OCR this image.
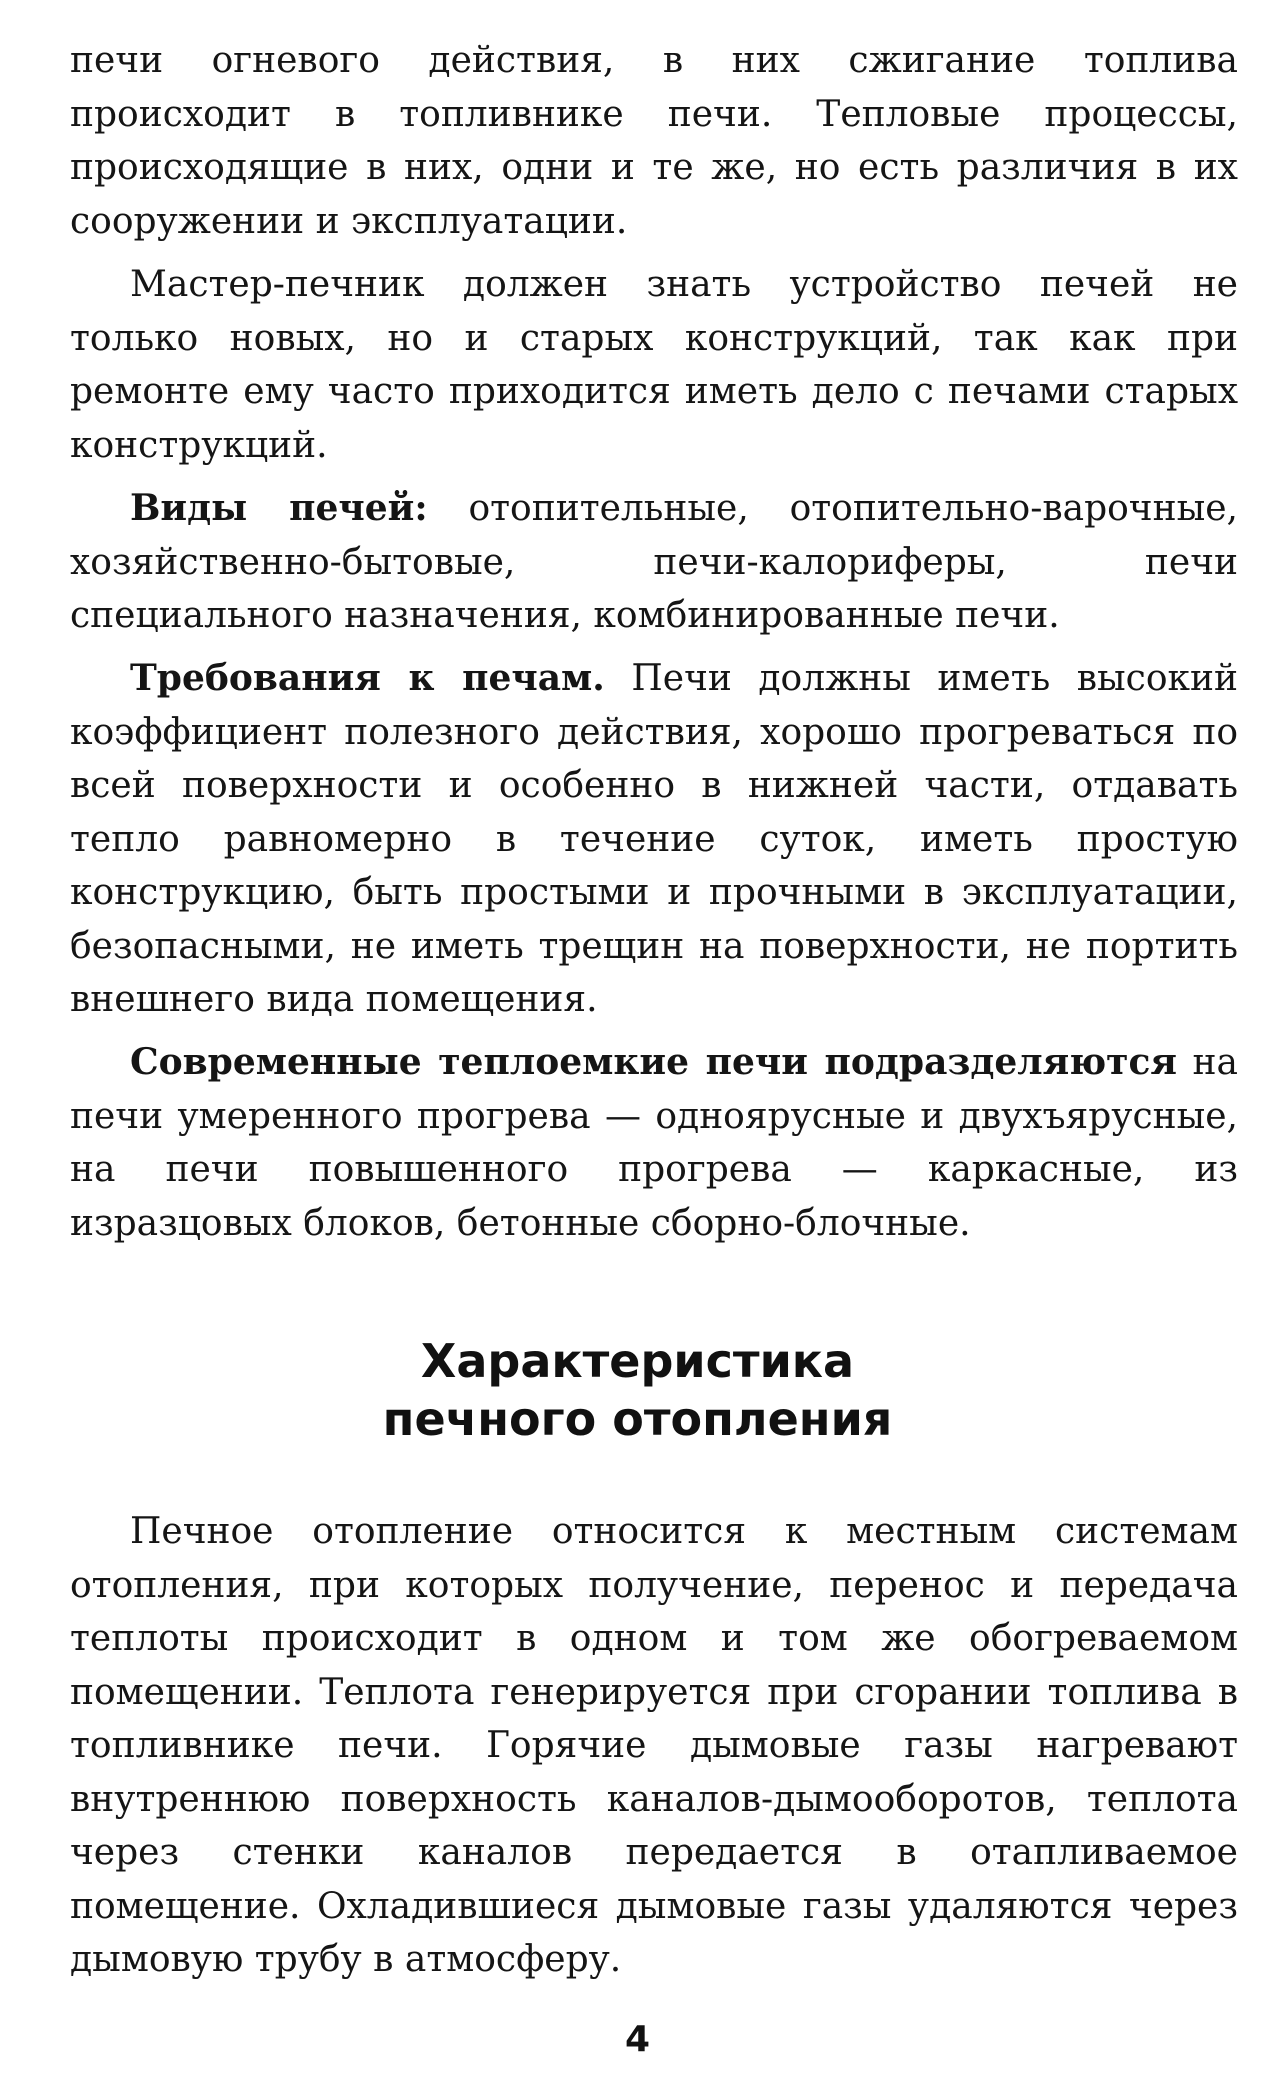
печи огневого действия, в них сжигание топлива происходит в топливнике печи. Тепловые процессы, происходящие в них, одни и те же, но есть различия в их сооружении и эксплуатации.

Мастер-печник должен знать устройство печей не только новых, но и старых конструкций, так как при ремонте ему часто приходится иметь дело с печами старых конструкций.

Виды печей: отопительные, отопительно-варочные, хозяйственно-бытовые, печи-калориферы, печи специального назначения, комбинированные печи.

Требования к печам. Печи должны иметь высокий коэффициент полезного действия, хорошо прогреваться по всей поверхности и особенно в нижней части, отдавать тепло равномерно в течение суток, иметь простую конструкцию, быть простыми и прочными в эксплуатации, безопасными, не иметь трещин на поверхности, не портить внешнего вида помещения.

Современные теплоемкие печи подразделяются на печи умеренного прогрева — одноярусные и двухъярусные, на печи повышенного прогрева — каркасные, из изразцовых блоков, бетонные сборно-блочные.

Характеристика
печного отопления

Печное отопление относится к местным системам отопления, при которых получение, перенос и передача теплоты происходит в одном и том же обогреваемом помещении. Теплота генерируется при сгорании топлива в топливнике печи. Горячие дымовые газы нагревают внутреннюю поверхность каналов-дымооборотов, теплота через стенки каналов передается в отапливаемое помещение. Охладившиеся дымовые газы удаляются через дымовую трубу в атмосферу.

4
